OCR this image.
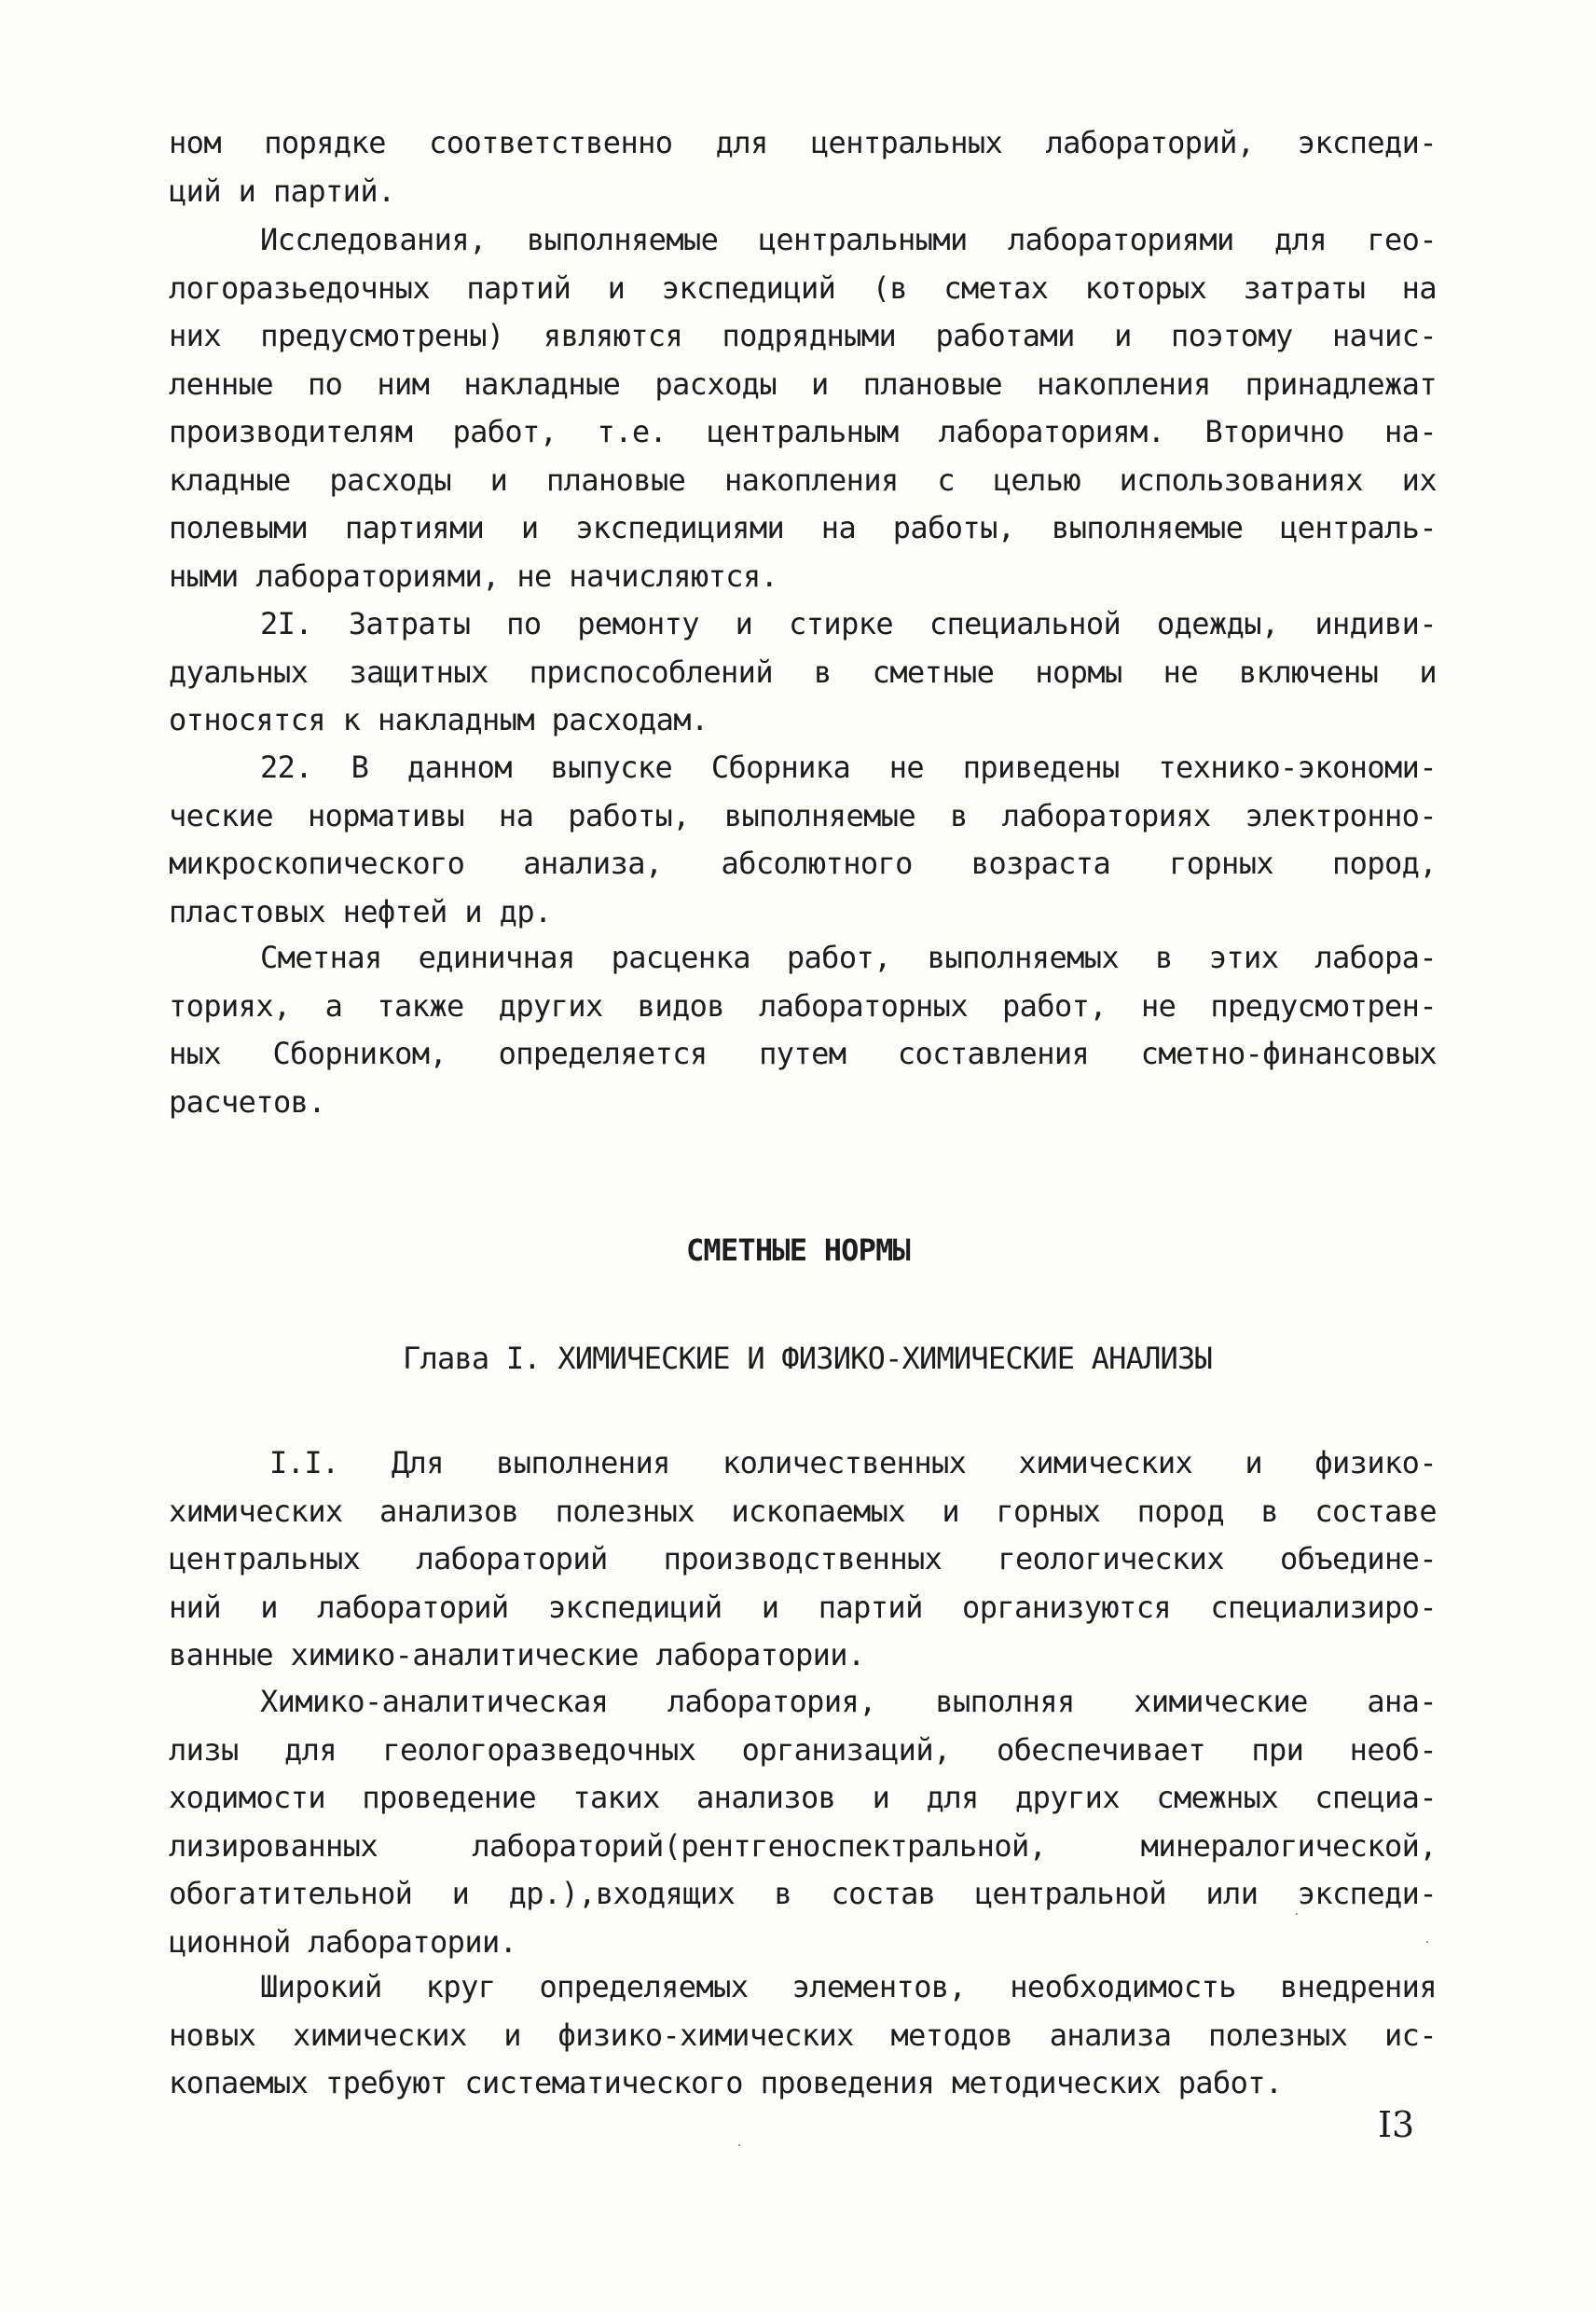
ном порядке соответственно для центральных лабораторий, экспеди-
ций и партий.
Исследования, выполняемые центральными лабораториями для гео-
логоразьедочных партий и экспедиций (в сметах которых затраты на
них предусмотрены) являются подрядными работами и поэтому начис-
ленные по ним накладные расходы и плановые накопления принадлежат
производителям работ, т.е. центральным лабораториям. Вторично на-
кладные расходы и плановые накопления с целью использованиях их
полевыми партиями и экспедициями на работы, выполняемые централь-
ными лабораториями, не начисляются.
2I. Затраты по ремонту и стирке специальной одежды, индиви-
дуальных защитных приспособлений в сметные нормы не включены и
относятся к накладным расходам.
22. В данном выпуске Сборника не приведены технико-экономи-
ческие нормативы на работы, выполняемые в лабораториях электронно-
микроскопического анализа, абсолютного возраста горных пород,
пластовых нефтей и др.
Сметная единичная расценка работ, выполняемых в этих лабора-
ториях, а также других видов лабораторных работ, не предусмотрен-
ных Сборником, определяется путем составления сметно-финансовых
расчетов.
СМЕТНЫЕ НОРМЫ
Глава I. ХИМИЧЕСКИЕ И ФИЗИКО-ХИМИЧЕСКИЕ АНАЛИЗЫ
I.I. Для выполнения количественных химических и физико-
химических анализов полезных ископаемых и горных пород в составе
центральных лабораторий производственных геологических объедине-
ний и лабораторий экспедиций и партий организуются специализиро-
ванные химико-аналитические лаборатории.
Химико-аналитическая лаборатория, выполняя химические ана-
лизы для геологоразведочных организаций, обеспечивает при необ-
ходимости проведение таких анализов и для других смежных специа-
лизированных лабораторий(рентгеноспектральной, минералогической,
обогатительной и др.),входящих в состав центральной или экспеди-
ционной лаборатории.
Широкий круг определяемых элементов, необходимость внедрения
новых химических и физико-химических методов анализа полезных ис-
копаемых требуют систематического проведения методических работ.
I3
